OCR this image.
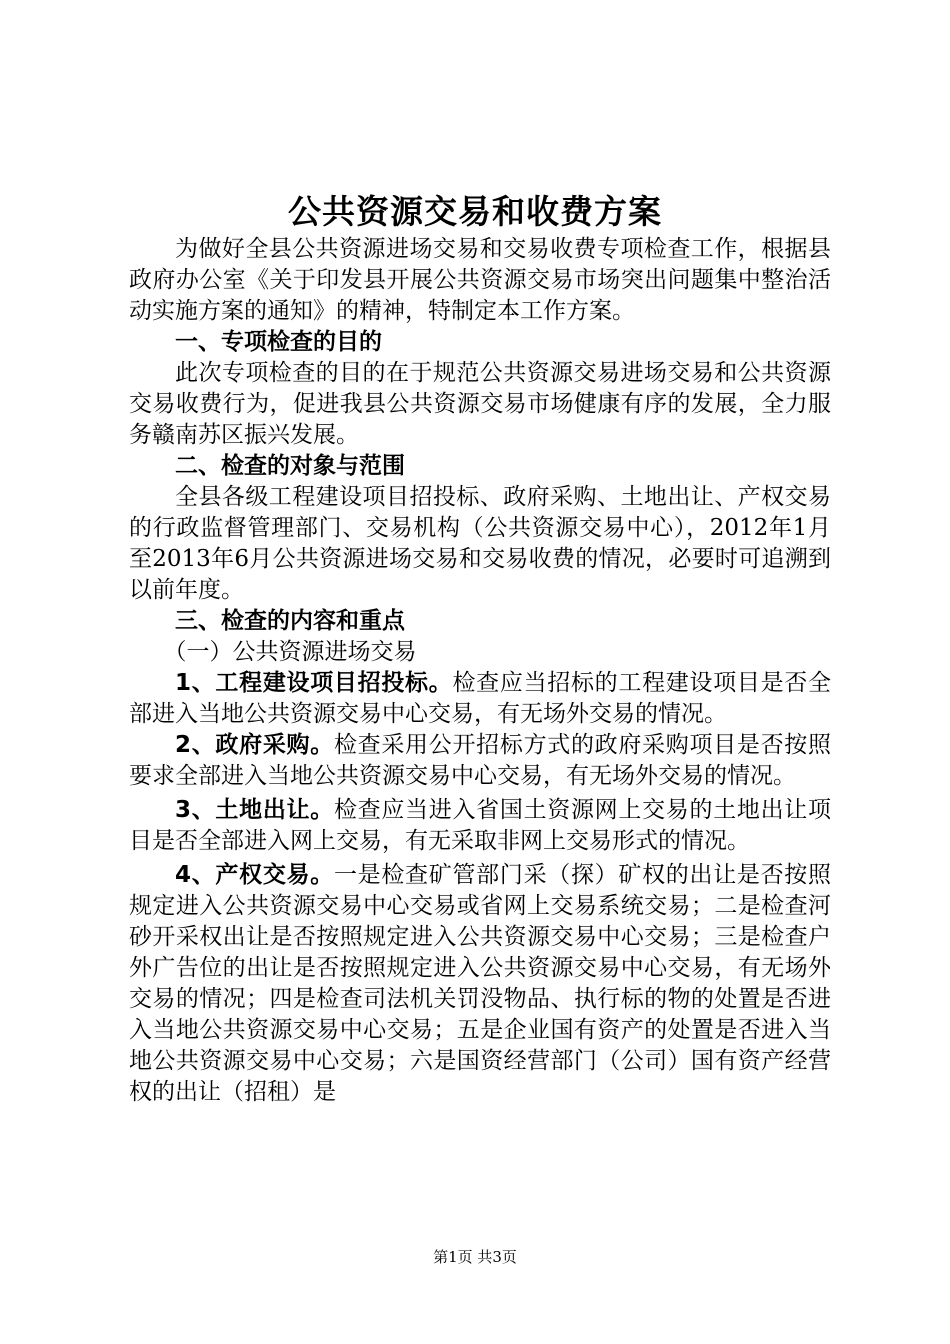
公共资源交易和收费方案

为做好全县公共资源进场交易和交易收费专项检查工作，根据县政府办公室《关于印发县开展公共资源交易市场突出问题集中整治活动实施方案的通知》的精神，特制定本工作方案。

一、专项检查的目的

此次专项检查的目的在于规范公共资源交易进场交易和公共资源交易收费行为，促进我县公共资源交易市场健康有序的发展，全力服务赣南苏区振兴发展。

二、检查的对象与范围

全县各级工程建设项目招投标、政府采购、土地出让、产权交易的行政监督管理部门、交易机构（公共资源交易中心），2012年1月至2013年6月公共资源进场交易和交易收费的情况，必要时可追溯到以前年度。

三、检查的内容和重点

（一）公共资源进场交易

1、工程建设项目招投标。检查应当招标的工程建设项目是否全部进入当地公共资源交易中心交易，有无场外交易的情况。

2、政府采购。检查采用公开招标方式的政府采购项目是否按照要求全部进入当地公共资源交易中心交易，有无场外交易的情况。

3、土地出让。检查应当进入省国土资源网上交易的土地出让项目是否全部进入网上交易，有无采取非网上交易形式的情况。

4、产权交易。一是检查矿管部门采（探）矿权的出让是否按照规定进入公共资源交易中心交易或省网上交易系统交易；二是检查河砂开采权出让是否按照规定进入公共资源交易中心交易；三是检查户外广告位的出让是否按照规定进入公共资源交易中心交易，有无场外交易的情况；四是检查司法机关罚没物品、执行标的物的处置是否进入当地公共资源交易中心交易；五是企业国有资产的处置是否进入当地公共资源交易中心交易；六是国资经营部门（公司）国有资产经营权的出让（招租）是

第1页 共3页
